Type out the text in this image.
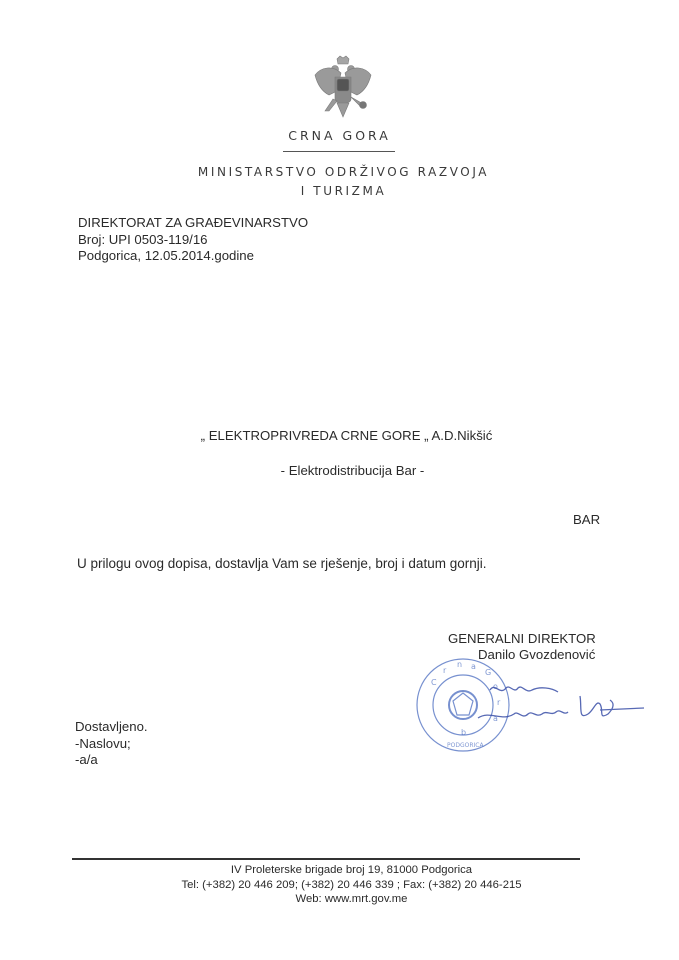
CRNA GORA
MINISTARSTVO ODRŽIVOG RAZVOJA
I TURIZMA
DIREKTORAT ZA GRAĐEVINARSTVO
Broj: UPI 0503-119/16
Podgorica, 12.05.2014.godine
„ ELEKTROPRIVREDA CRNE GORE „ A.D.Nikšić
- Elektrodistribucija Bar -
BAR
U prilogu ovog dopisa, dostavlja Vam se rješenje, broj i datum gornji.
GENERALNI DIREKTOR
Danilo Gvozdenović
C
r
n a
G
o
r
a
b
PODGORICA
Dostavljeno.
-Naslovu;
-a/a
IV Proleterske brigade broj 19, 81000 Podgorica
Tel: (+382) 20 446 209; (+382) 20 446 339 ; Fax: (+382) 20 446-215
Web: www.mrt.gov.me
